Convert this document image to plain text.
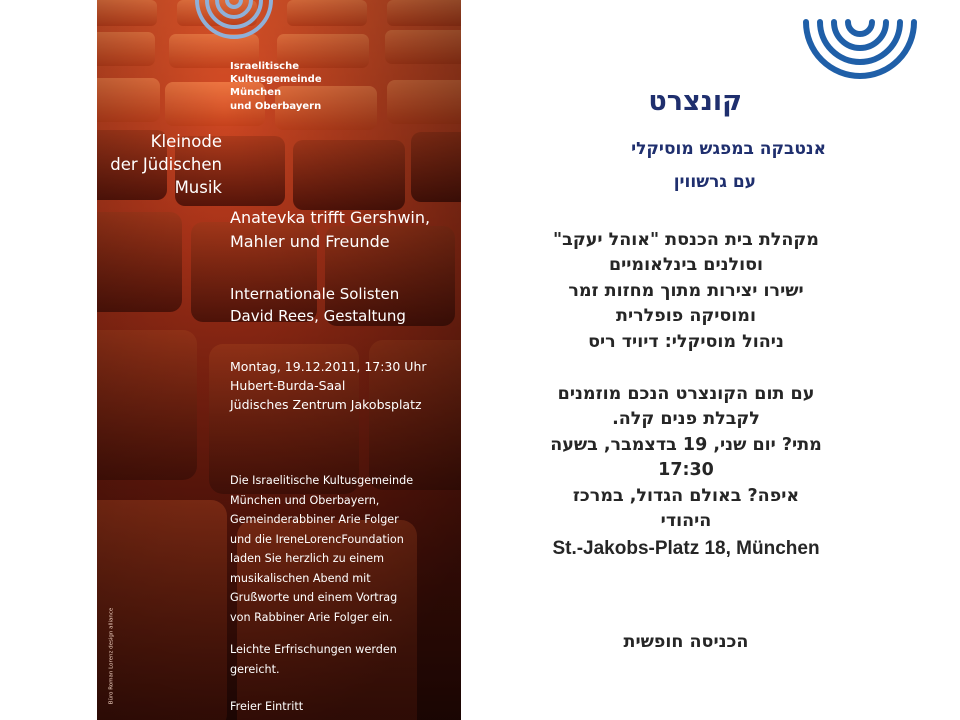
Israelitische
Kultusgemeinde
München
und Oberbayern
Kleinode
der Jüdischen
Musik
Anatevka trifft Gershwin,
Mahler und Freunde
Internationale Solisten
David Rees, Gestaltung
Montag, 19.12.2011, 17:30 Uhr
Hubert-Burda-Saal
Jüdisches Zentrum Jakobsplatz
Die Israelitische Kultusgemeinde
München und Oberbayern,
Gemeinderabbiner Arie Folger
und die IreneLorencFoundation
laden Sie herzlich zu einem
musikalischen Abend mit
Grußworte und einem Vortrag
von Rabbiner Arie Folger ein.
Leichte Erfrischungen werden
gereicht.
Freier Eintritt
Büro Roman Lorenz design alliance
קונצרט
אנטבקה במפגש מוסיקלי
עם גרשווין
מקהלת בית הכנסת "אוהל יעקב"
וסולנים בינלאומיים
ישירו יצירות מתוך מחזות זמר
ומוסיקה פופלרית
ניהול מוסיקלי: דיויד ריס
עם תום הקונצרט הנכם מוזמנים
לקבלת פנים קלה.
מתי? יום שני, 19 בדצמבר, בשעה
17:30
איפה? באולם הגדול, במרכז
היהודי
St.-Jakobs-Platz 18, München
הכניסה חופשית
